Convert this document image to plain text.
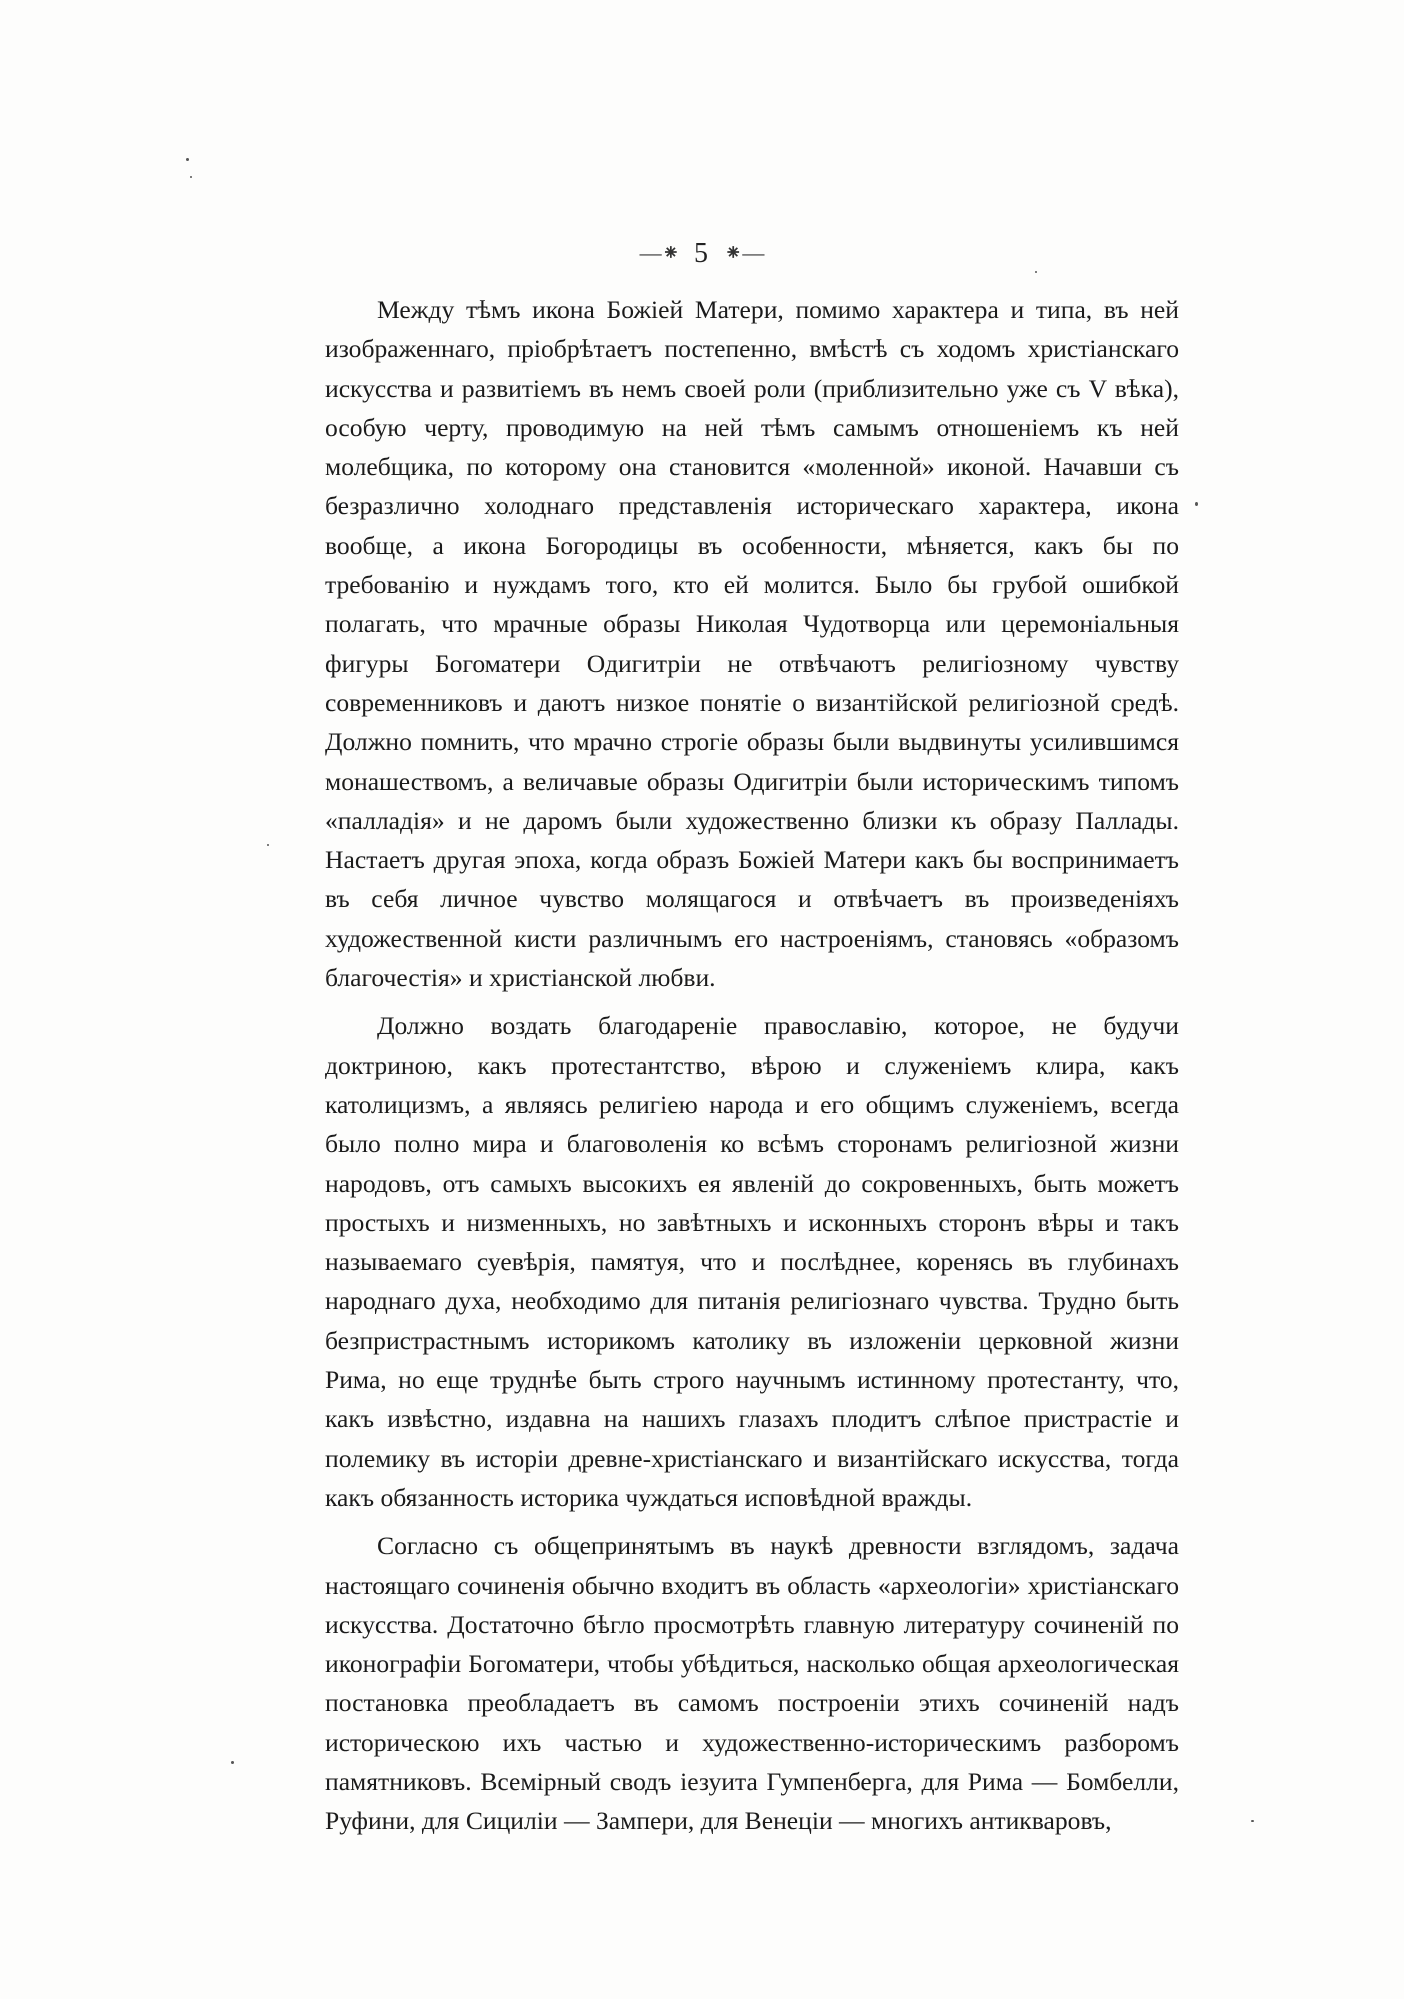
—⁕ 5 ⁕—

Между тѣмъ икона Божіей Матери, помимо характера и типа, въ ней изображеннаго, пріобрѣтаетъ постепенно, вмѣстѣ съ ходомъ христіанскаго искусства и развитіемъ въ немъ своей роли (приблизительно уже съ V вѣка), особую черту, проводимую на ней тѣмъ самымъ отношеніемъ къ ней молебщика, по которому она становится «моленной» иконой. Начавши съ безразлично холоднаго представленія историческаго характера, икона вообще, а икона Богородицы въ особенности, мѣняется, какъ бы по требованію и нуждамъ того, кто ей молится. Было бы грубой ошибкой полагать, что мрачные образы Николая Чудотворца или церемоніальныя фигуры Богоматери Одигитріи не отвѣчаютъ религіозному чувству современниковъ и даютъ низкое понятіе о византійской религіозной средѣ. Должно помнить, что мрачно строгіе образы были выдвинуты усилившимся монашествомъ, а величавые образы Одигитріи были историческимъ типомъ «палладія» и не даромъ были художественно близки къ образу Паллады. Настаетъ другая эпоха, когда образъ Божіей Матери какъ бы воспринимаетъ въ себя личное чувство молящагося и отвѣчаетъ въ произведеніяхъ художественной кисти различнымъ его настроеніямъ, становясь «образомъ благочестія» и христіанской любви.

Должно воздать благодареніе православію, которое, не будучи доктриною, какъ протестантство, вѣрою и служеніемъ клира, какъ католицизмъ, а являясь религіею народа и его общимъ служеніемъ, всегда было полно мира и благоволенія ко всѣмъ сторонамъ религіозной жизни народовъ, отъ самыхъ высокихъ ея явленій до сокровенныхъ, быть можетъ простыхъ и низменныхъ, но завѣтныхъ и исконныхъ сторонъ вѣры и такъ называемаго суевѣрія, памятуя, что и послѣднее, коренясь въ глубинахъ народнаго духа, необходимо для питанія религіознаго чувства. Трудно быть безпристрастнымъ историкомъ католику въ изложеніи церковной жизни Рима, но еще труднѣе быть строго научнымъ истинному протестанту, что, какъ извѣстно, издавна на нашихъ глазахъ плодитъ слѣпое пристрастіе и полемику въ исторіи древне-христіанскаго и византійскаго искусства, тогда какъ обязанность историка чуждаться исповѣдной вражды.

Согласно съ общепринятымъ въ наукѣ древности взглядомъ, задача настоящаго сочиненія обычно входитъ въ область «археологіи» христіанскаго искусства. Достаточно бѣгло просмотрѣть главную литературу сочиненій по иконографіи Богоматери, чтобы убѣдиться, насколько общая археологическая постановка преобладаетъ въ самомъ построеніи этихъ сочиненій надъ историческою ихъ частью и художественно-историческимъ разборомъ памятниковъ. Всемірный сводъ іезуита Гумпенберга, для Рима — Бомбелли, Руфини, для Сициліи — Зампери, для Венеціи — многихъ антикваровъ,
